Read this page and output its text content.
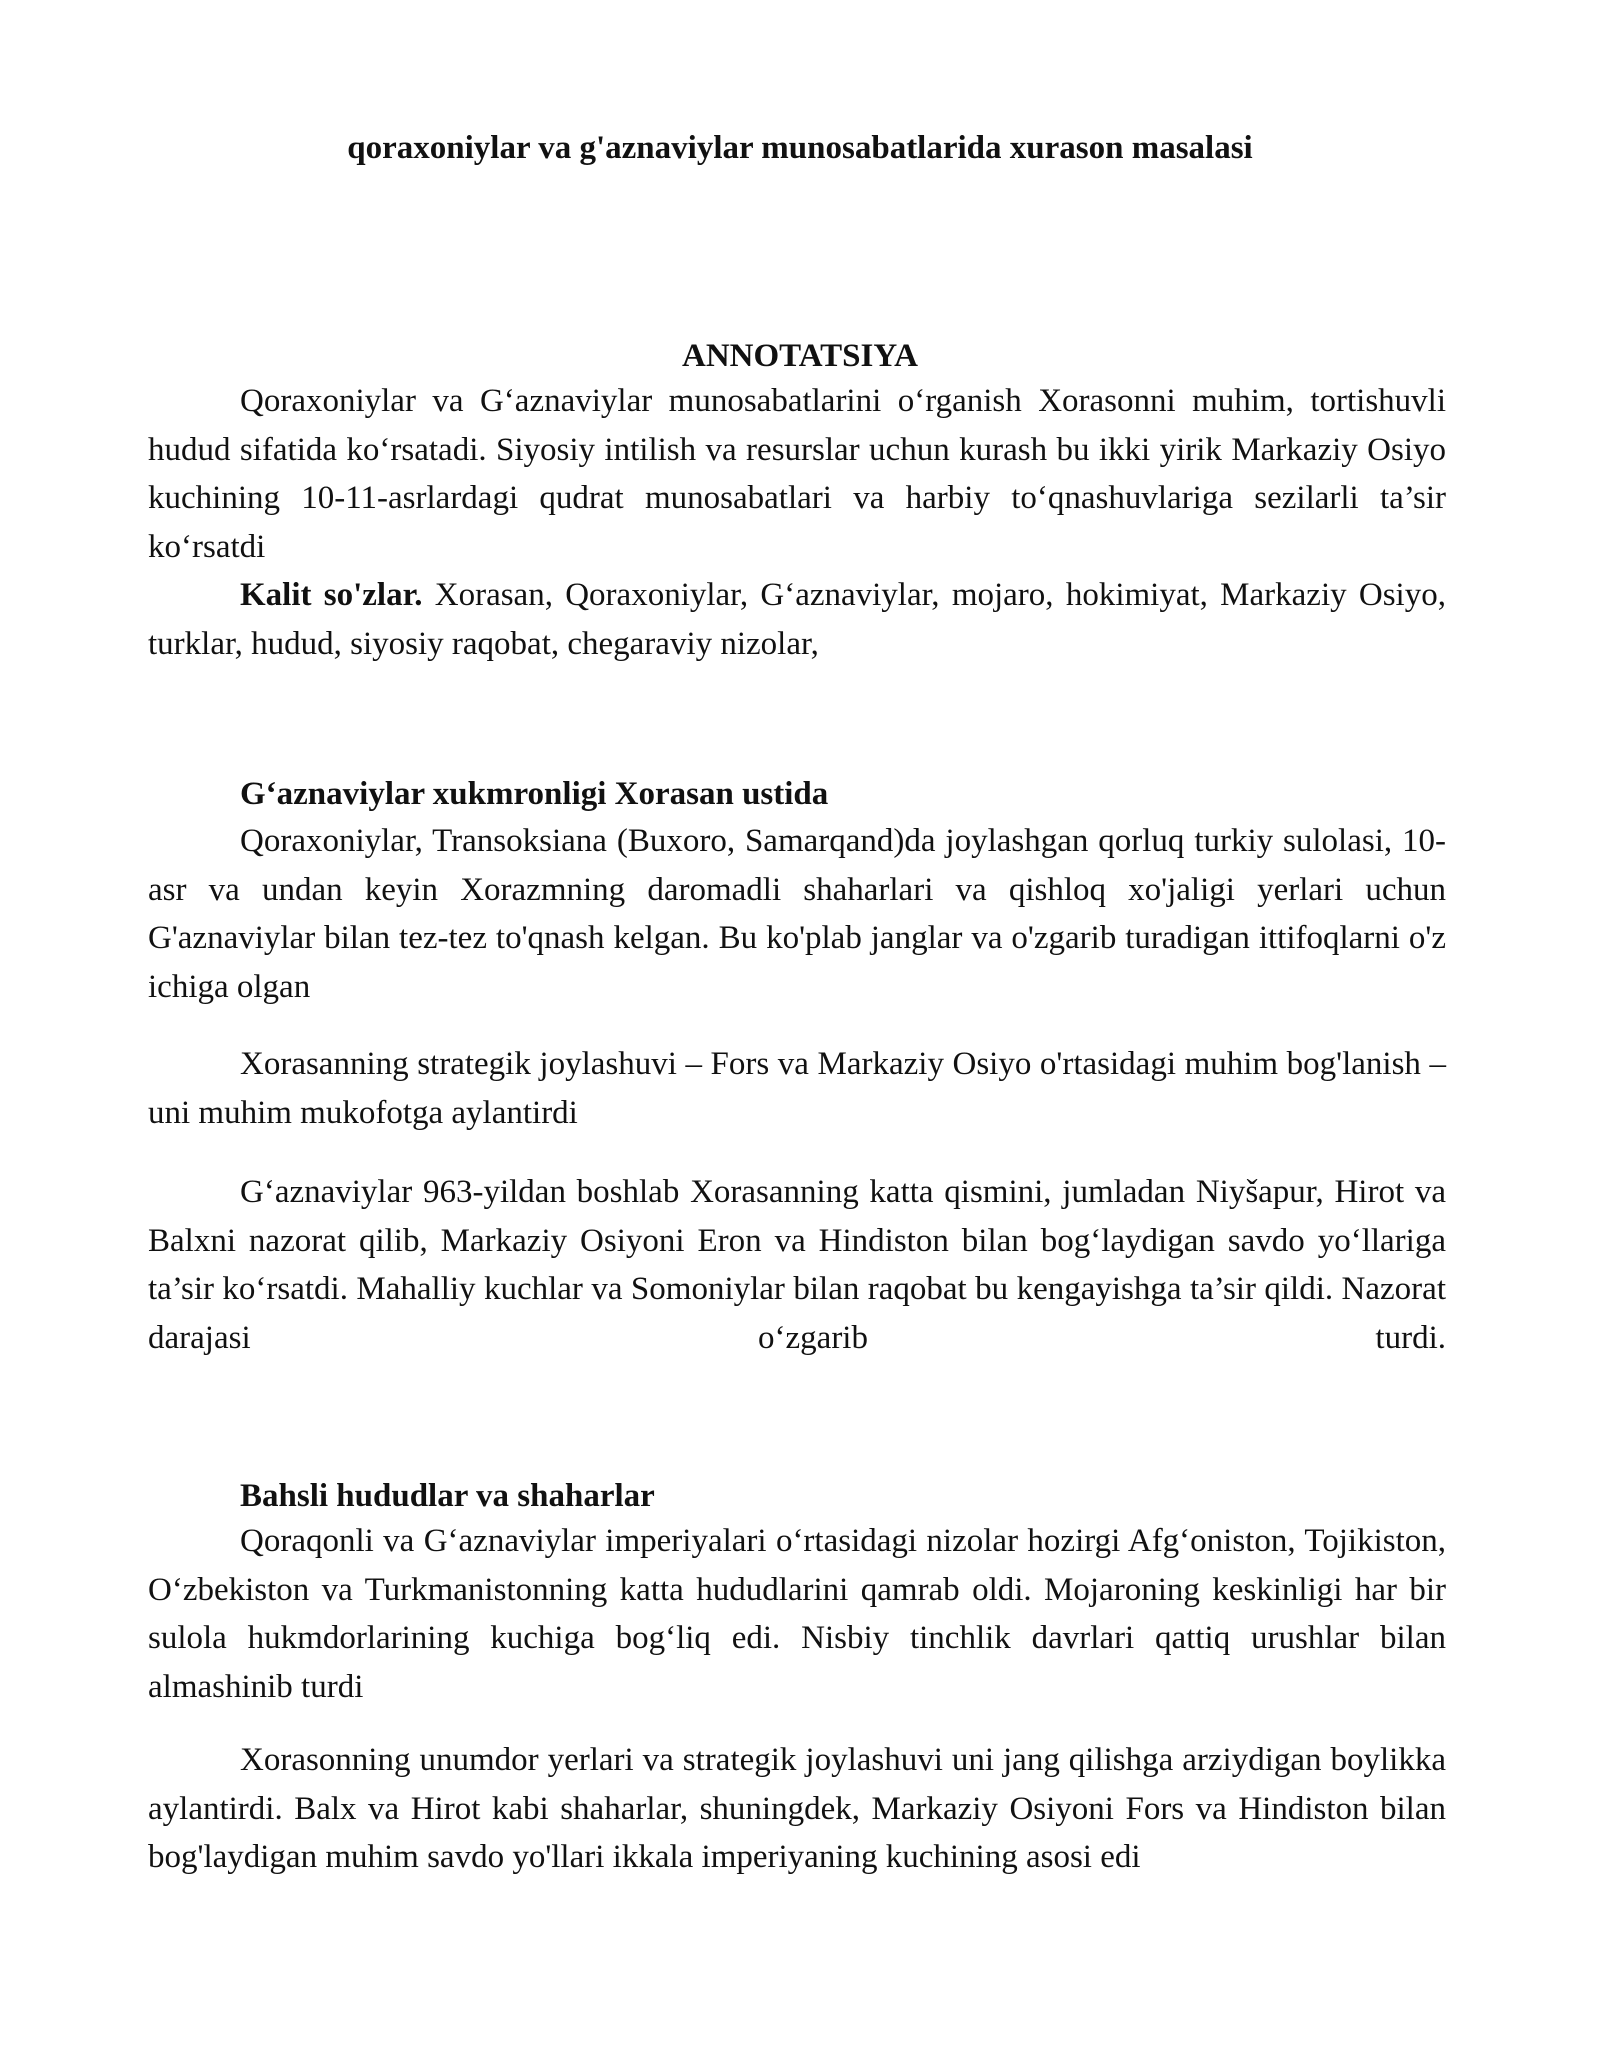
qoraxoniylar va g'aznaviylar munosabatlarida xurason masalasi
ANNOTATSIYA

Qoraxoniylar va G‘aznaviylar munosabatlarini o‘rganish Xorasonni muhim, tortishuvli hudud sifatida ko‘rsatadi. Siyosiy intilish va resurslar uchun kurash bu ikki yirik Markaziy Osiyo kuchining 10-11-asrlardagi qudrat munosabatlari va harbiy to‘qnashuvlariga sezilarli ta’sir ko‘rsatdi

Kalit so'zlar. Xorasan, Qoraxoniylar, G‘aznaviylar, mojaro, hokimiyat, Markaziy Osiyo, turklar, hudud, siyosiy raqobat, chegaraviy nizolar,

G‘aznaviylar xukmronligi Xorasan ustida

Qoraxoniylar, Transoksiana (Buxoro, Samarqand)da joylashgan qorluq turkiy sulolasi, 10-asr va undan keyin Xorazmning daromadli shaharlari va qishloq xo'jaligi yerlari uchun G'aznaviylar bilan tez-tez to'qnash kelgan. Bu ko'plab janglar va o'zgarib turadigan ittifoqlarni o'z ichiga olgan

Xorasanning strategik joylashuvi – Fors va Markaziy Osiyo o'rtasidagi muhim bog'lanish – uni muhim mukofotga aylantirdi

G‘aznaviylar 963-yildan boshlab Xorasanning katta qismini, jumladan Niyšapur, Hirot va Balxni nazorat qilib, Markaziy Osiyoni Eron va Hindiston bilan bog‘laydigan savdo yo‘llariga ta’sir ko‘rsatdi. Mahalliy kuchlar va Somoniylar bilan raqobat bu kengayishga ta’sir qildi. Nazorat darajasi o‘zgarib turdi.

Bahsli hududlar va shaharlar

Qoraqonli va G‘aznaviylar imperiyalari o‘rtasidagi nizolar hozirgi Afg‘oniston, Tojikiston, O‘zbekiston va Turkmanistonning katta hududlarini qamrab oldi. Mojaroning keskinligi har bir sulola hukmdorlarining kuchiga bog‘liq edi. Nisbiy tinchlik davrlari qattiq urushlar bilan almashinib turdi

Xorasonning unumdor yerlari va strategik joylashuvi uni jang qilishga arziydigan boylikka aylantirdi. Balx va Hirot kabi shaharlar, shuningdek, Markaziy Osiyoni Fors va Hindiston bilan bog'laydigan muhim savdo yo'llari ikkala imperiyaning kuchining asosi edi
